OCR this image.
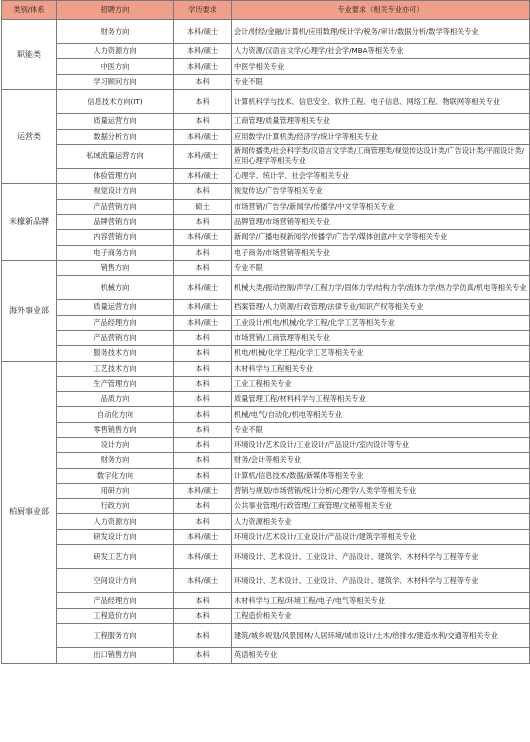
类别/体系	招聘方向	学历要求	专业要求（相关专业亦可）
职能类	财务方向	本科/硕士	会计/财经/金融/计算机/应用数理/统计学/税务/审计/数据分析/数学等相关专业
	人力资源方向	本科/硕士	人力资源/汉语言文学/心理学/社会学/MBA等相关专业
	中医方向	本科/硕士	中医学相关专业
	学习顾问方向	本科	专业不限
运营类	信息技术方向(IT)	本科	计算机科学与技术、信息安全、软件工程、电子信息、网络工程、物联网等相关专业
	质量运营方向	本科	工商管理/质量管理等相关专业
	数据分析方向	本科/硕士	应用数学/计算机类/经济学/统计学等相关专业
	私域流量运营方向	本科/硕士	新闻传播类/社会科学类/汉语言文学类/工商管理类/视觉传达设计类/广告设计类/平面设计类/应用心理学等相关专业
	体验管理方向	本科/硕士	心理学、统计学、社会学等相关专业
米檬新品牌	视觉设计方向	本科	视觉传达/广告学等相关专业
	产品营销方向	硕士	市场营销/广告学/新闻学/传播学/中文学等相关专业
	品牌营销方向	本科	品牌管理/市场营销等相关专业
	内容营销方向	本科/硕士	新闻学/广播电视新闻学/传播学/广告学/媒体创意/中文学等相关专业
	电子商务方向	本科	电子商务/市场营销等相关专业
海外事业部	销售方向	本科	专业不限
	机械方向	本科/硕士	机械大类/振动控制/声学/工程力学/固体力学/结构力学/流体力学/热力学仿真/机电等相关专业
	质量运营方向	本科/硕士	档案管理/人力资源/行政管理/法律专业/知识产权等相关专业
	产品经理方向	本科/硕士	工业设计/机电/机械/化学工程/化学工艺等相关专业
	产品营销方向	本科	市场营销/工商管理等相关专业
	服务技术方向	本科	机电/机械/化学工程/化学工艺等相关专业
柏厨事业部	工艺技术方向	本科	木材科学与工程相关专业
	生产管理方向	本科	工业工程相关专业
	品质方向	本科	质量管理工程/材料科学与工程等相关专业
	自动化方向	本科	机械/电气/自动化/机电等相关专业
	零售销售方向	本科	专业不限
	设计方向	本科	环境设计/艺术设计/工业设计/产品设计/室内设计等专业
	财务方向	本科	财务/会计等相关专业
	数字化方向	本科	计算机/信息技术/数据/新媒体等相关专业
	用研方向	本科/硕士	营销与规划/市场营销/统计分析/心理学/人类学等相关专业
	行政方向	本科	公共事业管理/行政管理/工商管理/文秘等相关专业
	人力资源方向	本科	人力资源相关专业
	研发设计方向	本科/硕士	环境设计/艺术设计/工业设计/产品设计/建筑学等相关专业
	研发工艺方向	本科/硕士	环境设计、艺术设计、工业设计、产品设计、建筑学、木材科学与工程等专业
	空间设计方向	本科/硕士	环境设计、艺术设计、工业设计、产品设计、建筑学、木材科学与工程等专业
	产品经理方向	本科	木材科学与工程/环境工程/电子/电气等相关专业
	工程造价方向	本科	工程造价相关专业
	工程服务方向	本科	建筑/城乡规划/风景园林/人居环境/城市设计/土木/给排水/建造水利/交通等相关专业
	出口销售方向	本科	英语相关专业
